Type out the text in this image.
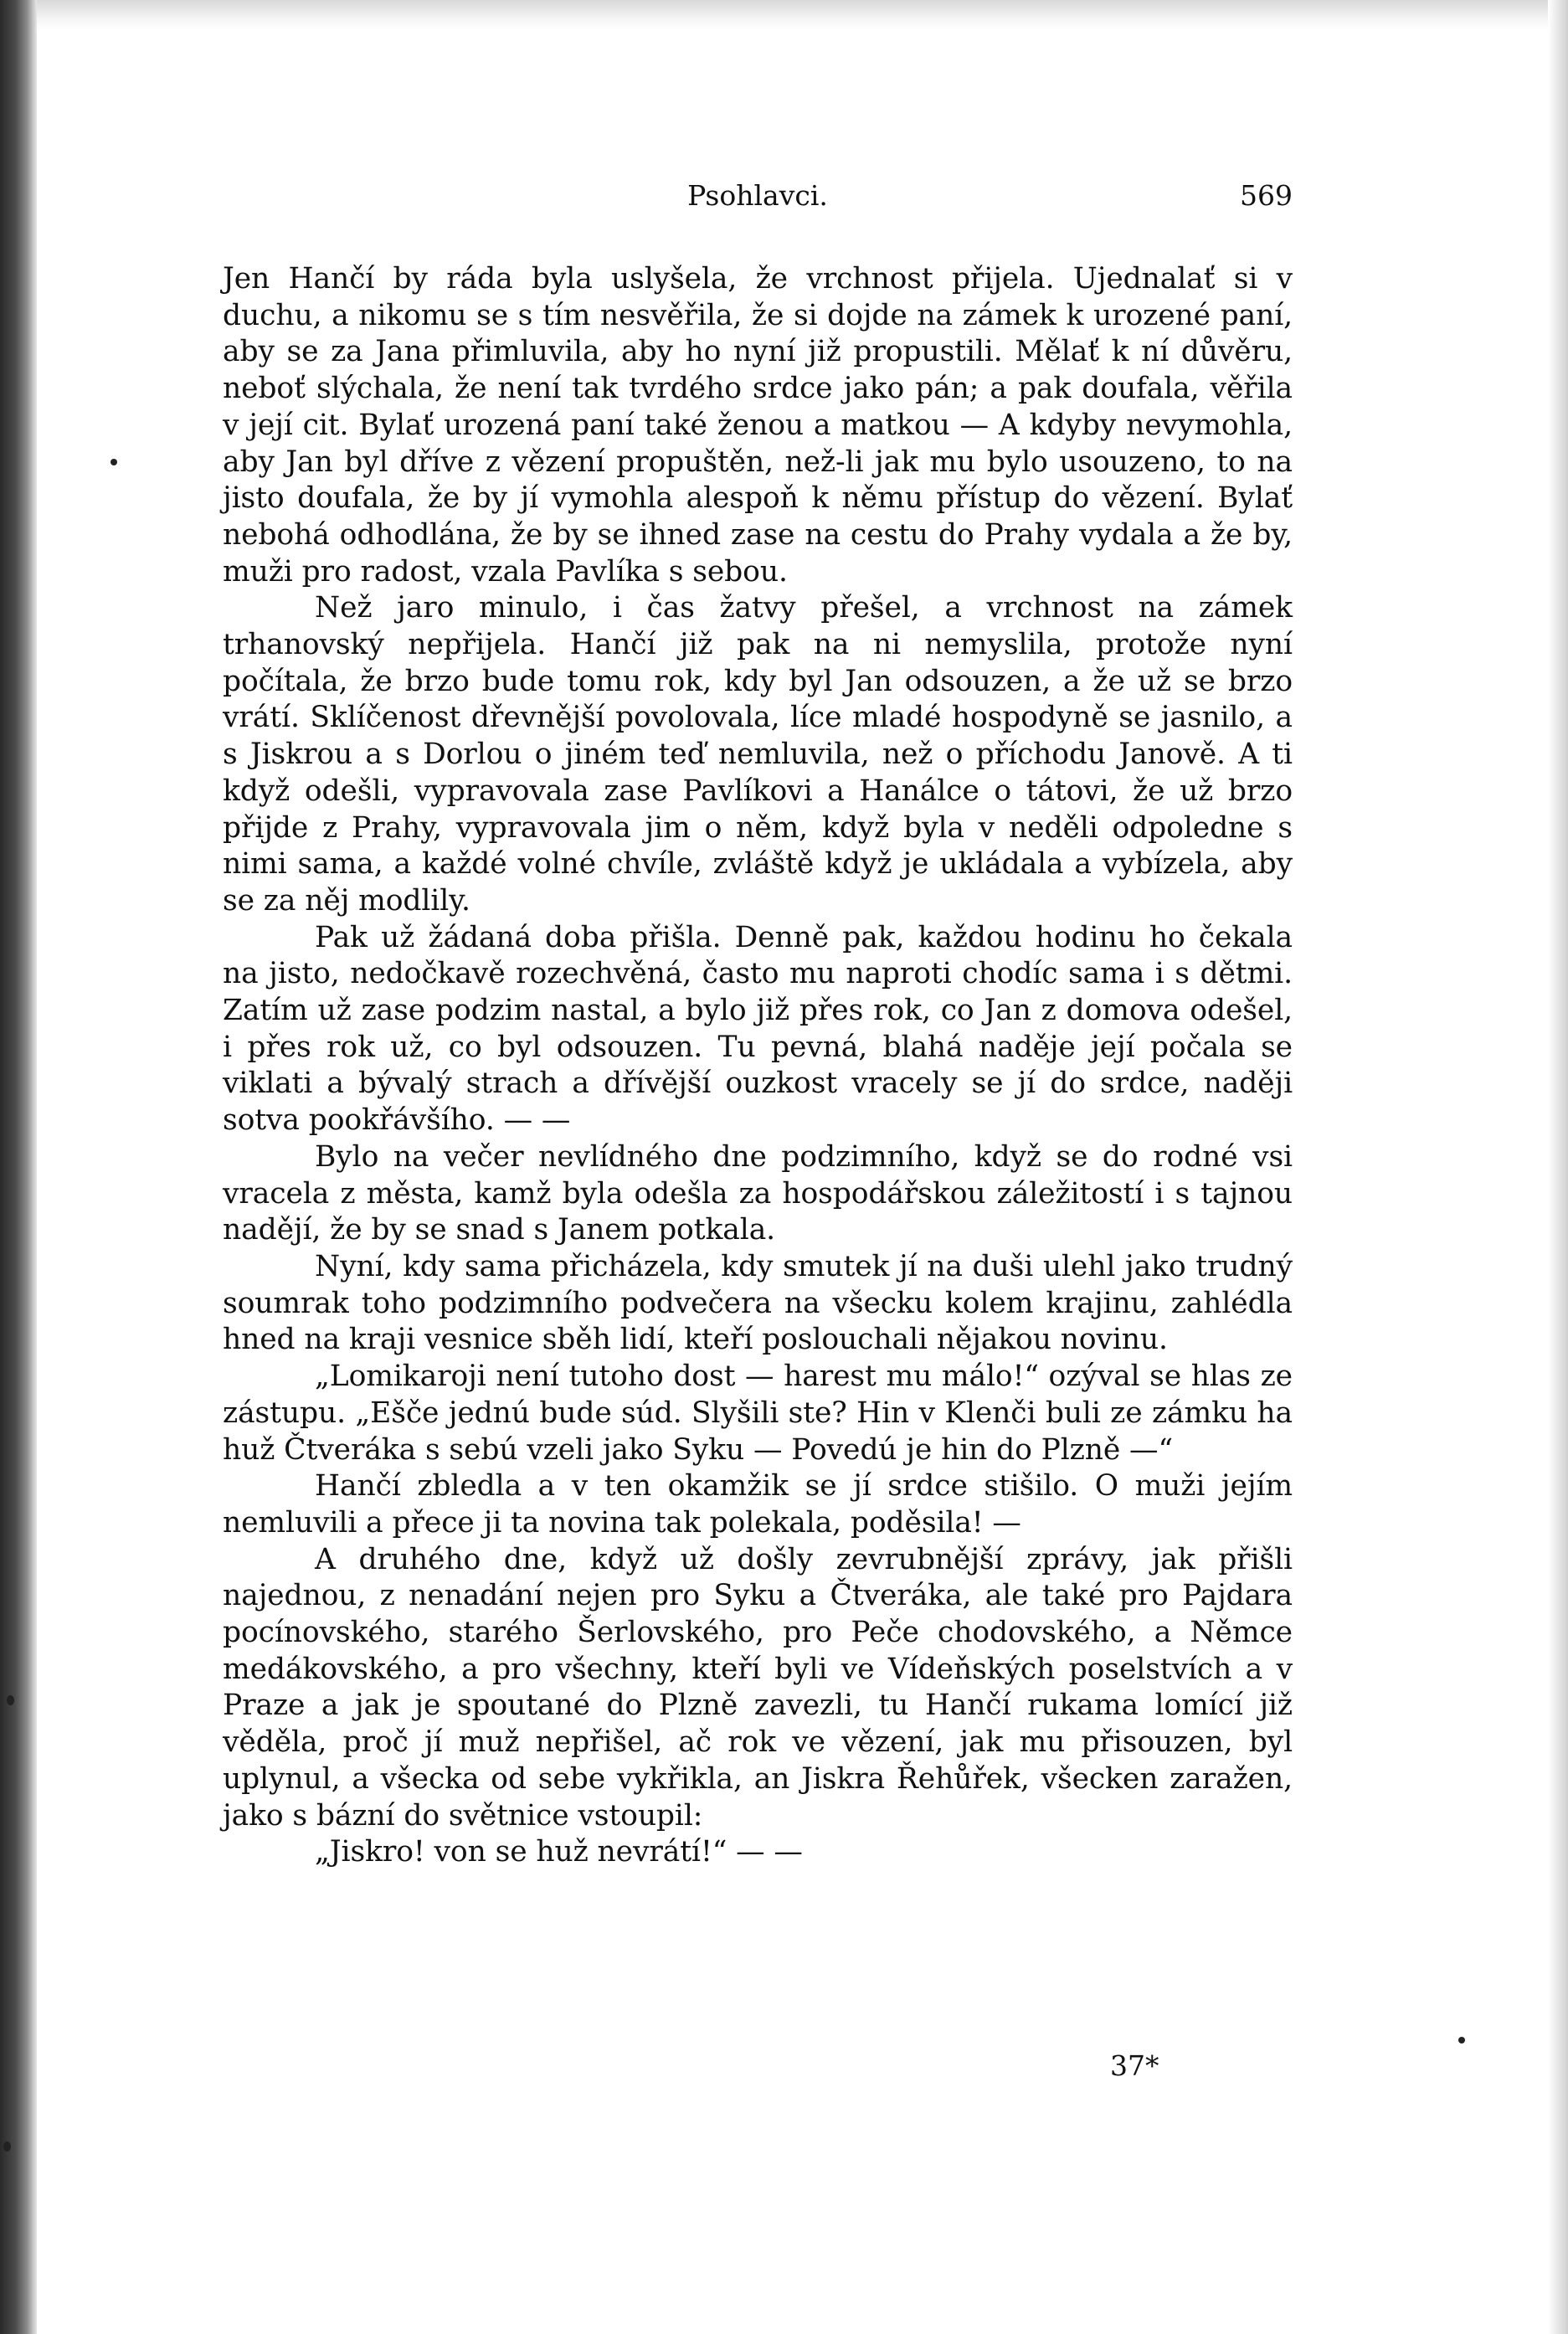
Psohlavci.	569

Jen Hančí by ráda byla uslyšela, že vrchnost přijela. Ujednalať si v duchu, a nikomu se s tím nesvěřila, že si dojde na zámek k urozené paní, aby se za Jana přimluvila, aby ho nyní již propustili. Mělať k ní důvěru, neboť slýchala, že není tak tvrdého srdce jako pán; a pak doufala, věřila v její cit. Bylať urozená paní také ženou a matkou — A kdyby nevymohla, aby Jan byl dříve z vězení propuštěn, než-li jak mu bylo usouzeno, to na jisto doufala, že by jí vymohla alespoň k němu přístup do vězení. Bylať nebohá odhodlána, že by se ihned zase na cestu do Prahy vydala a že by, muži pro radost, vzala Pavlíka s sebou.

Než jaro minulo, i čas žatvy přešel, a vrchnost na zámek trhanovský nepřijela. Hančí již pak na ni nemyslila, protože nyní počítala, že brzo bude tomu rok, kdy byl Jan odsouzen, a že už se brzo vrátí. Sklíčenost dřevnější povolovala, líce mladé hospodyně se jasnilo, a s Jiskrou a s Dorlou o jiném teď nemluvila, než o příchodu Janově. A ti když odešli, vypravovala zase Pavlíkovi a Hanálce o tátovi, že už brzo přijde z Prahy, vypravovala jim o něm, když byla v neděli odpoledne s nimi sama, a každé volné chvíle, zvláště když je ukládala a vybízela, aby se za něj modlily.

Pak už žádaná doba přišla. Denně pak, každou hodinu ho čekala na jisto, nedočkavě rozechvěná, často mu naproti chodíc sama i s dětmi. Zatím už zase podzim nastal, a bylo již přes rok, co Jan z domova odešel, i přes rok už, co byl odsouzen. Tu pevná, blahá naděje její počala se viklati a bývalý strach a dřívější ouzkost vracely se jí do srdce, naději sotva pookřávšího. — —

Bylo na večer nevlídného dne podzimního, když se do rodné vsi vracela z města, kamž byla odešla za hospodářskou záležitostí i s tajnou nadějí, že by se snad s Janem potkala.

Nyní, kdy sama přicházela, kdy smutek jí na duši ulehl jako trudný soumrak toho podzimního podvečera na všecku kolem krajinu, zahlédla hned na kraji vesnice sběh lidí, kteří poslouchali nějakou novinu.

„Lomikaroji není tutoho dost — harest mu málo!“ ozýval se hlas ze zástupu. „Ešče jednú bude súd. Slyšili ste? Hin v Klenči buli ze zámku ha huž Čtveráka s sebú vzeli jako Syku — Povedú je hin do Plzně —“

Hančí zbledla a v ten okamžik se jí srdce stišilo. O muži jejím nemluvili a přece ji ta novina tak polekala, poděsila! —

A druhého dne, když už došly zevrubnější zprávy, jak přišli najednou, z nenadání nejen pro Syku a Čtveráka, ale také pro Pajdara pocínovského, starého Šerlovského, pro Peče chodovského, a Němce medákovského, a pro všechny, kteří byli ve Vídeňských poselstvích a v Praze a jak je spoutané do Plzně zavezli, tu Hančí rukama lomící již věděla, proč jí muž nepřišel, ač rok ve vězení, jak mu přisouzen, byl uplynul, a všecka od sebe vykřikla, an Jiskra Řehůřek, všecken zaražen, jako s bázní do světnice vstoupil:

„Jiskro! von se huž nevrátí!“ — —

37*
